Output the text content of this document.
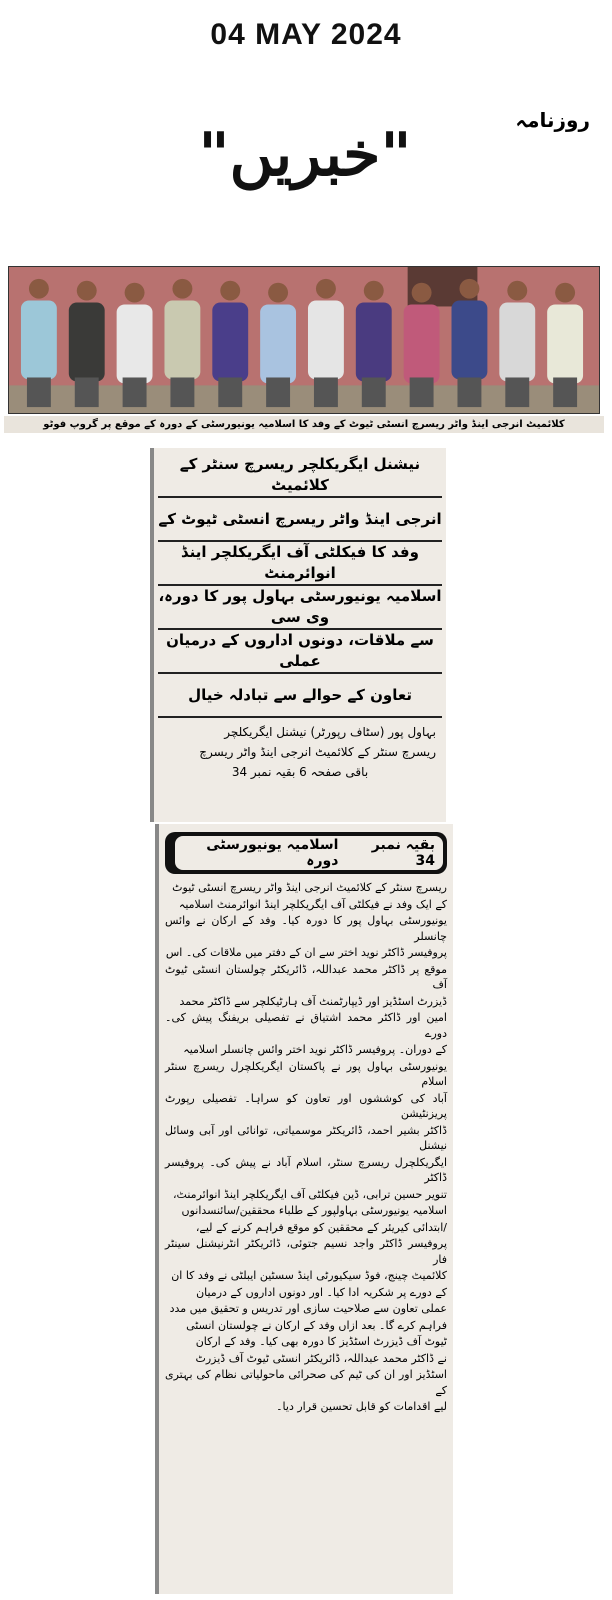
04 MAY 2024
روزنامہ
"خبریں"
کلائمیٹ انرجی اینڈ واٹر ریسرچ انسٹی ٹیوٹ کے وفد کا اسلامیہ یونیورسٹی کے دورہ کے موقع پر گروپ فوٹو
نیشنل ایگریکلچر ریسرچ سنٹر کے کلائمیٹ
انرجی اینڈ واٹر ریسرچ انسٹی ٹیوٹ کے
وفد کا فیکلٹی آف ایگریکلچر اینڈ انوائرمنٹ
اسلامیہ یونیورسٹی بہاول پور کا دورہ، وی سی
سے ملاقات، دونوں اداروں کے درمیان عملی
تعاون کے حوالے سے تبادلہ خیال
بہاول پور (سٹاف رپورٹر) نیشنل ایگریکلچر
ریسرچ سنٹر کے کلائمیٹ انرجی اینڈ واٹر ریسرچ
باقی صفحہ 6 بقیہ نمبر 34
بقیہ نمبر 34
اسلامیہ یونیورسٹی دورہ
ریسرچ سنٹر کے کلائمیٹ انرجی اینڈ واٹر ریسرچ انسٹی ٹیوٹ
کے ایک وفد نے فیکلٹی آف ایگریکلچر اینڈ انوائرمنٹ اسلامیہ
یونیورسٹی بہاول پور کا دورہ کیا۔ وفد کے ارکان نے وائس چانسلر
پروفیسر ڈاکٹر نوید اختر سے ان کے دفتر میں ملاقات کی۔ اس
موقع پر ڈاکٹر محمد عبداللہ، ڈائریکٹر چولستان انسٹی ٹیوٹ آف
ڈیزرٹ اسٹڈیز اور ڈیپارٹمنٹ آف ہارٹیکلچر سے ڈاکٹر محمد
امین اور ڈاکٹر محمد اشتیاق نے تفصیلی بریفنگ پیش کی۔ دورے
کے دوران۔ پروفیسر ڈاکٹر نوید اختر وائس چانسلر اسلامیہ
یونیورسٹی بہاول پور نے پاکستان ایگریکلچرل ریسرچ سنٹر اسلام
آباد کی کوششوں اور تعاون کو سراہا۔ تفصیلی رپورٹ پریزنٹیشن
ڈاکٹر بشیر احمد، ڈائریکٹر موسمیاتی، توانائی اور آبی وسائل نیشنل
ایگریکلچرل ریسرچ سنٹر، اسلام آباد نے پیش کی۔ پروفیسر ڈاکٹر
تنویر حسین ترابی، ڈین فیکلٹی آف ایگریکلچر اینڈ انوائرمنٹ،
اسلامیہ یونیورسٹی بہاولپور کے طلباء محققین/سائنسدانوں
/ابتدائی کیریئر کے محققین کو موقع فراہم کرنے کے لیے،
پروفیسر ڈاکٹر واجد نسیم جتوئی، ڈائریکٹر انٹرنیشنل سینٹر فار
کلائمیٹ چینج، فوڈ سیکیورٹی اینڈ سسٹین ایبلٹی نے وفد کا ان
کے دورے پر شکریہ ادا کیا۔ اور دونوں اداروں کے درمیان
عملی تعاون سے صلاحیت سازی اور تدریس و تحقیق میں مدد
فراہم کرے گا۔ بعد ازاں وفد کے ارکان نے چولستان انسٹی
ٹیوٹ آف ڈیزرٹ اسٹڈیز کا دورہ بھی کیا۔ وفد کے ارکان
نے ڈاکٹر محمد عبداللہ، ڈائریکٹر انسٹی ٹیوٹ آف ڈیزرٹ
اسٹڈیز اور ان کی ٹیم کی صحرائی ماحولیاتی نظام کی بہتری کے
لیے اقدامات کو قابل تحسین قرار دیا۔
